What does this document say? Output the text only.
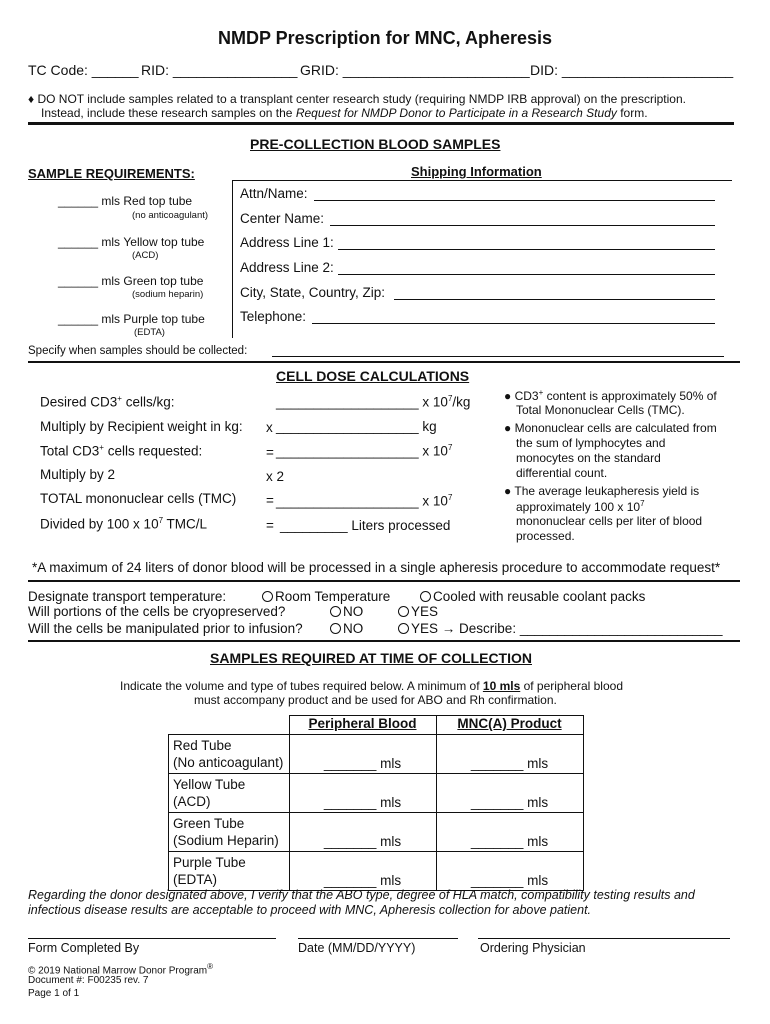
NMDP Prescription for MNC, Apheresis
TC Code: ______ RID: ________________ GRID: ________________________ DID: ______________________
♦ DO NOT include samples related to a transplant center research study (requiring NMDP IRB approval) on the prescription.
Instead, include these research samples on the Request for NMDP Donor to Participate in a Research Study form.
PRE-COLLECTION BLOOD SAMPLES
SAMPLE REQUIREMENTS:	Shipping Information
______ mls Red top tube
(no anticoagulant)
______ mls Yellow top tube
(ACD)
______ mls Green top tube
(sodium heparin)
______ mls Purple top tube
(EDTA)
Attn/Name:
Center Name:
Address Line 1:
Address Line 2:
City, State, Country, Zip:
Telephone:
Specify when samples should be collected:
CELL DOSE CALCULATIONS
Desired CD3+ cells/kg:	___________________ x $10^7/kg$
Multiply by Recipient weight in kg: x ___________________ kg
Total CD3+ cells requested:	= ___________________ x $10^7$
Multiply by 2	x 2
TOTAL mononuclear cells (TMC) = ___________________ x $10^7$
Divided by 100 x $10^7$ TMC/L	= _________ Liters processed
● CD3+ content is approximately 50% of
Total Mononuclear Cells (TMC).
● Mononuclear cells are calculated from
the sum of lymphocytes and
monocytes on the standard
differential count.
● The average leukapheresis yield is
approximately 100 x $10^7$
mononuclear cells per liter of blood
processed.
*A maximum of 24 liters of donor blood will be processed in a single apheresis procedure to accommodate request*
Designate transport temperature:	Room Temperature	Cooled with reusable coolant packs
Will portions of the cells be cryopreserved?	NO	YES
Will the cells be manipulated prior to infusion?	NO	YES → Describe: ___________________________
SAMPLES REQUIRED AT TIME OF COLLECTION
Indicate the volume and type of tubes required below. A minimum of 10 mls of peripheral blood
must accompany product and be used for ABO and Rh confirmation.
	Peripheral Blood	MNC(A) Product
Red Tube
(No anticoagulant)	_______ mls	_______ mls
Yellow Tube
(ACD)	_______ mls	_______ mls
Green Tube
(Sodium Heparin)	_______ mls	_______ mls
Purple Tube
(EDTA)	_______ mls	_______ mls
Regarding the donor designated above, I verify that the ABO type, degree of HLA match, compatibility testing results and
infectious disease results are acceptable to proceed with MNC, Apheresis collection for above patient.
Form Completed By	Date (MM/DD/YYYY)	Ordering Physician
© 2019 National Marrow Donor Program®
Document #: F00235 rev. 7
Page 1 of 1
